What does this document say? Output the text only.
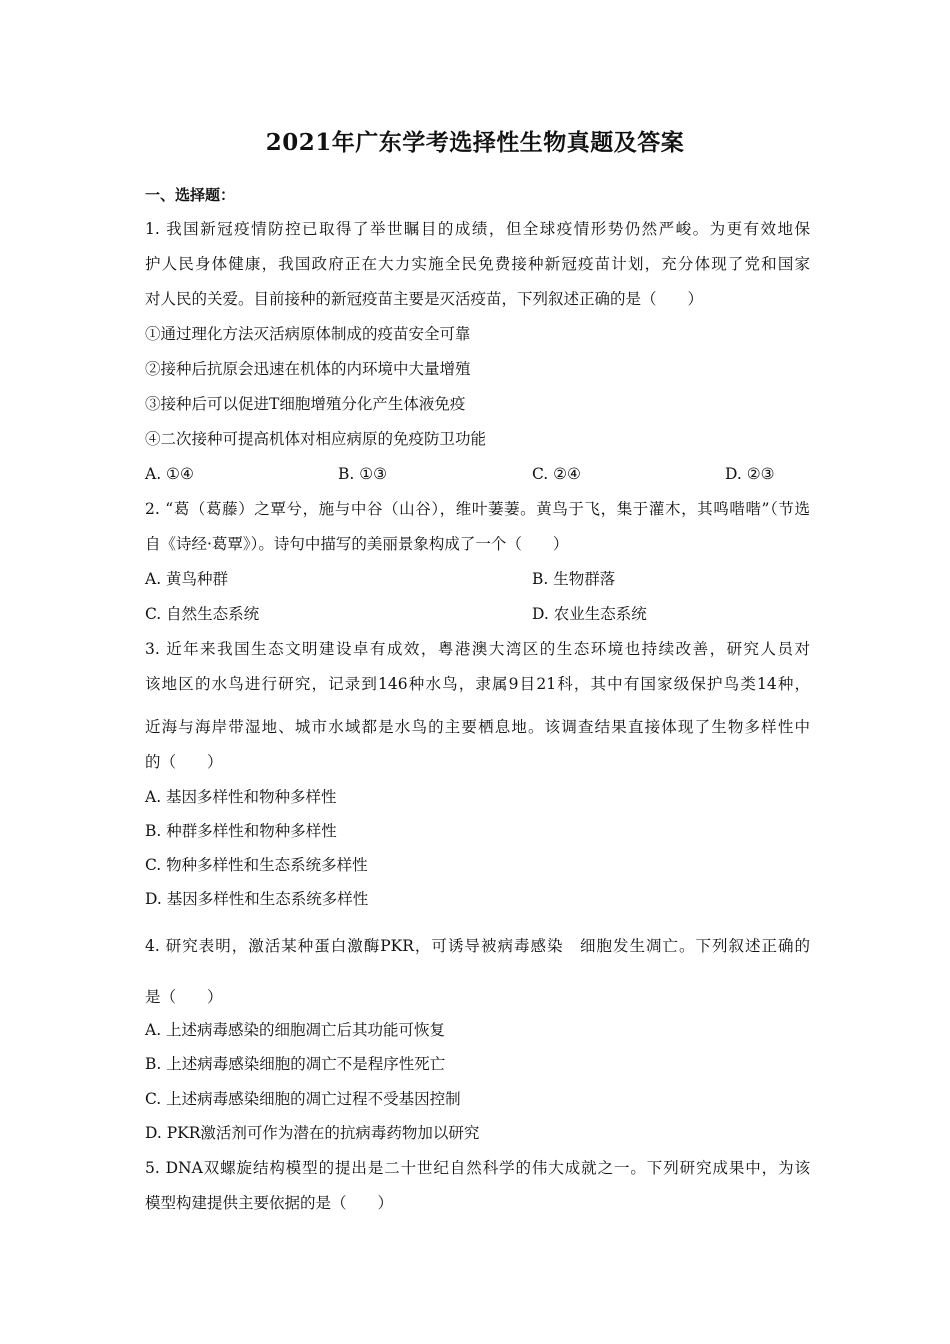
2021年广东学考选择性生物真题及答案
一、选择题：
1. 我国新冠疫情防控已取得了举世瞩目的成绩，但全球疫情形势仍然严峻。为更有效地保
护人民身体健康，我国政府正在大力实施全民免费接种新冠疫苗计划，充分体现了党和国家
对人民的关爱。目前接种的新冠疫苗主要是灭活疫苗，下列叙述正确的是（　　）
①通过理化方法灭活病原体制成的疫苗安全可靠
②接种后抗原会迅速在机体的内环境中大量增殖
③接种后可以促进T细胞增殖分化产生体液免疫
④二次接种可提高机体对相应病原的免疫防卫功能
A. ①④	B. ①③	C. ②④	D. ②③
2. “葛（葛藤）之覃兮，施与中谷（山谷），维叶萋萋。黄鸟于飞，集于灌木，其鸣喈喈”（节选
自《诗经·葛覃》）。诗句中描写的美丽景象构成了一个（　　）
A. 黄鸟种群	B. 生物群落
C. 自然生态系统	D. 农业生态系统
3. 近年来我国生态文明建设卓有成效，粤港澳大湾区的生态环境也持续改善，研究人员对
该地区的水鸟进行研究，记录到146种水鸟，隶属9目21科，其中有国家级保护鸟类14种，
近海与海岸带湿地、城市水域都是水鸟的主要栖息地。该调查结果直接体现了生物多样性中
的（　　）
A. 基因多样性和物种多样性
B. 种群多样性和物种多样性
C. 物种多样性和生态系统多样性
D. 基因多样性和生态系统多样性
4. 研究表明，激活某种蛋白激酶PKR，可诱导被病毒感染　细胞发生凋亡。下列叙述正确的
是（　　）
A. 上述病毒感染的细胞凋亡后其功能可恢复
B. 上述病毒感染细胞的凋亡不是程序性死亡
C. 上述病毒感染细胞的凋亡过程不受基因控制
D. PKR激活剂可作为潜在的抗病毒药物加以研究
5. DNA双螺旋结构模型的提出是二十世纪自然科学的伟大成就之一。下列研究成果中，为该
模型构建提供主要依据的是（　　）
